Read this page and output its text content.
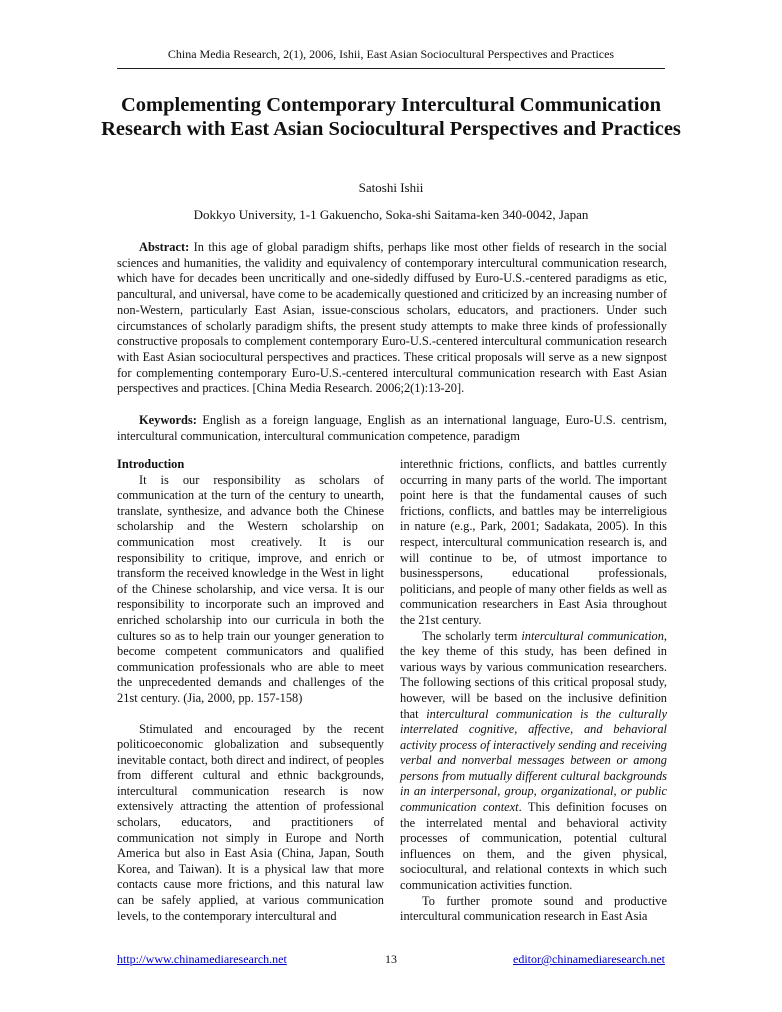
China Media Research, 2(1), 2006, Ishii, East Asian Sociocultural Perspectives and Practices
Complementing Contemporary Intercultural Communication Research with East Asian Sociocultural Perspectives and Practices
Satoshi Ishii
Dokkyo University, 1-1 Gakuencho, Soka-shi Saitama-ken 340-0042, Japan

Abstract: In this age of global paradigm shifts, perhaps like most other fields of research in the social sciences and humanities, the validity and equivalency of contemporary intercultural communication research, which have for decades been uncritically and one-sidedly diffused by Euro-U.S.-centered paradigms as etic, pancultural, and universal, have come to be academically questioned and criticized by an increasing number of non-Western, particularly East Asian, issue-conscious scholars, educators, and practioners. Under such circumstances of scholarly paradigm shifts, the present study attempts to make three kinds of professionally constructive proposals to complement contemporary Euro-U.S.-centered intercultural communication research with East Asian sociocultural perspectives and practices. These critical proposals will serve as a new signpost for complementing contemporary Euro-U.S.-centered intercultural communication research with East Asian perspectives and practices. [China Media Research. 2006;2(1):13-20].

Keywords: English as a foreign language, English as an international language, Euro-U.S. centrism, intercultural communication, intercultural communication competence, paradigm

Introduction

It is our responsibility as scholars of communication at the turn of the century to unearth, translate, synthesize, and advance both the Chinese scholarship and the Western scholarship on communication most creatively. It is our responsibility to critique, improve, and enrich or transform the received knowledge in the West in light of the Chinese scholarship, and vice versa. It is our responsibility to incorporate such an improved and enriched scholarship into our curricula in both the cultures so as to help train our younger generation to become competent communicators and qualified communication professionals who are able to meet the unprecedented demands and challenges of the 21st century. (Jia, 2000, pp. 157-158)

Stimulated and encouraged by the recent politicoeconomic globalization and subsequently inevitable contact, both direct and indirect, of peoples from different cultural and ethnic backgrounds, intercultural communication research is now extensively attracting the attention of professional scholars, educators, and practitioners of communication not simply in Europe and North America but also in East Asia (China, Japan, South Korea, and Taiwan). It is a physical law that more contacts cause more frictions, and this natural law can be safely applied, at various communication levels, to the contemporary intercultural and

interethnic frictions, conflicts, and battles currently occurring in many parts of the world. The important point here is that the fundamental causes of such frictions, conflicts, and battles may be interreligious in nature (e.g., Park, 2001; Sadakata, 2005). In this respect, intercultural communication research is, and will continue to be, of utmost importance to businesspersons, educational professionals, politicians, and people of many other fields as well as communication researchers in East Asia throughout the 21st century.

The scholarly term intercultural communication, the key theme of this study, has been defined in various ways by various communication researchers. The following sections of this critical proposal study, however, will be based on the inclusive definition that intercultural communication is the culturally interrelated cognitive, affective, and behavioral activity process of interactively sending and receiving verbal and nonverbal messages between or among persons from mutually different cultural backgrounds in an interpersonal, group, organizational, or public communication context. This definition focuses on the interrelated mental and behavioral activity processes of communication, potential cultural influences on them, and the given physical, sociocultural, and relational contexts in which such communication activities function.

To further promote sound and productive intercultural communication research in East Asia

http://www.chinamediaresearch.net	13	editor@chinamediaresearch.net
